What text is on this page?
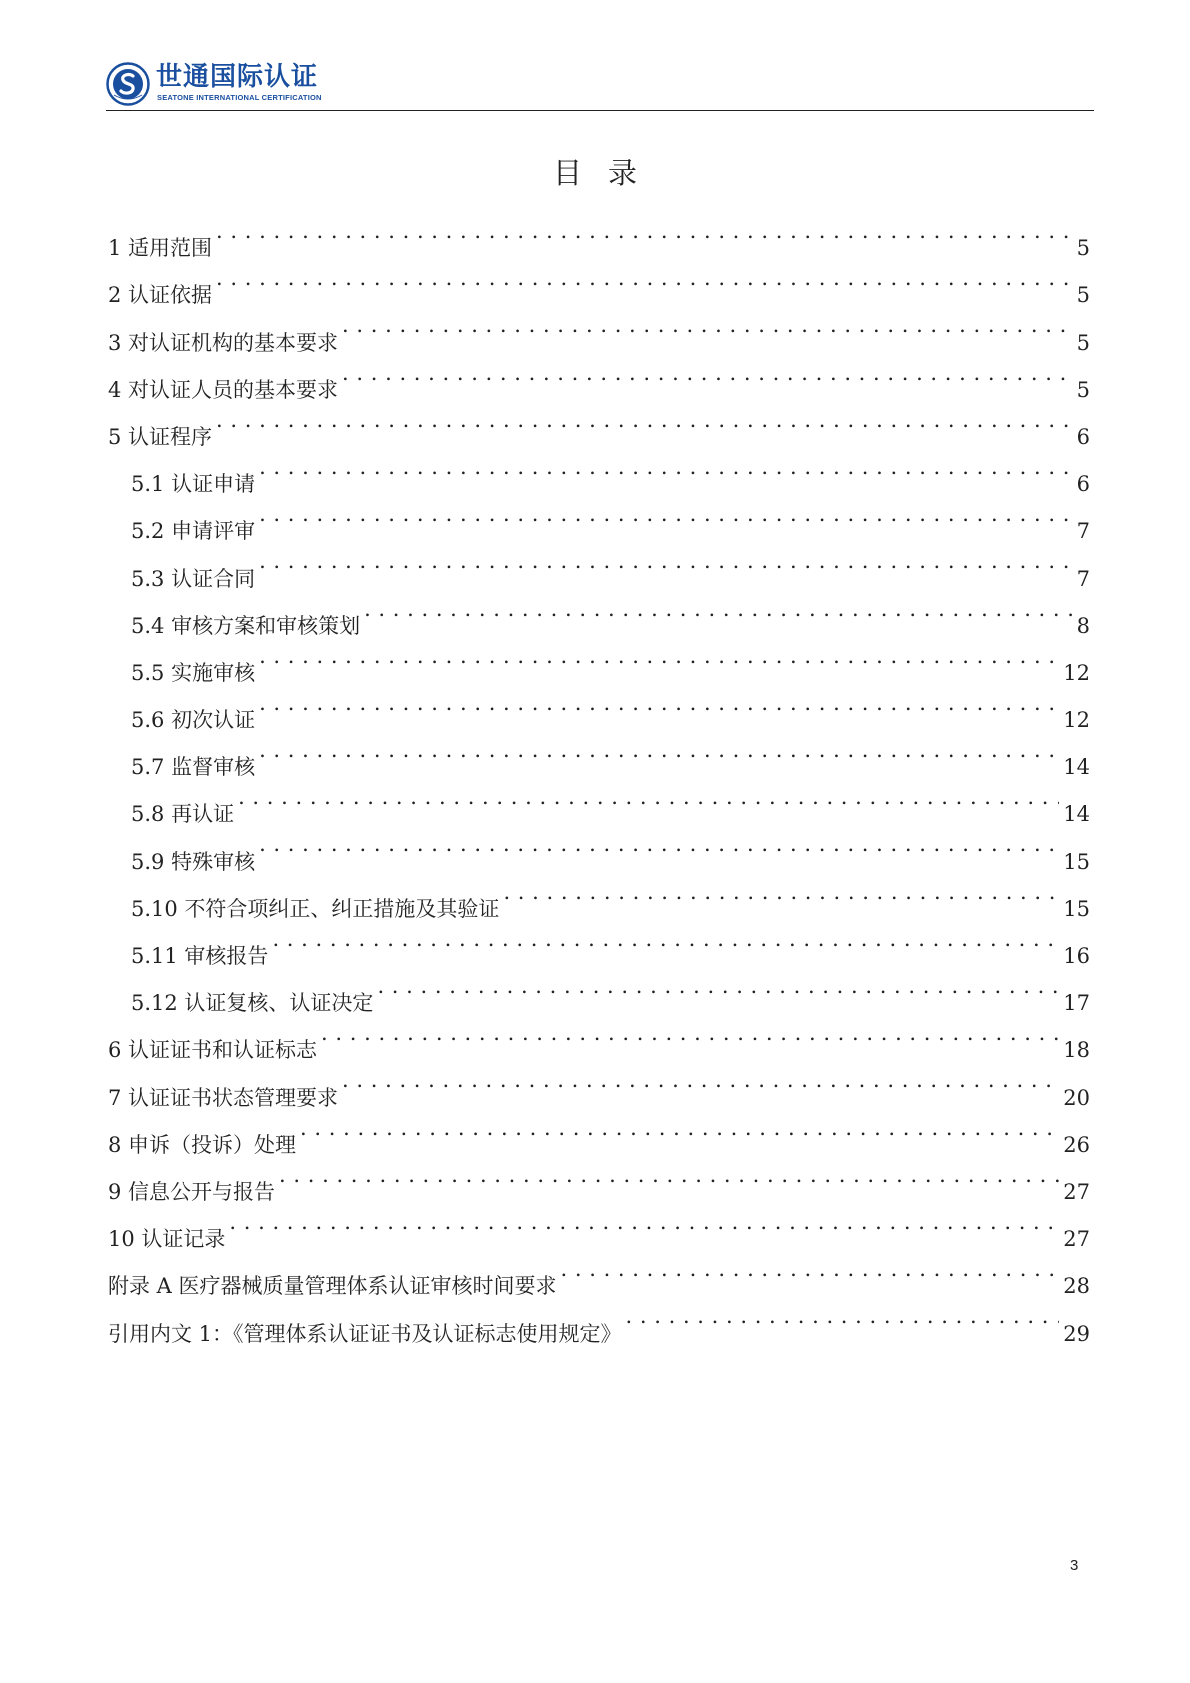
世通国际认证
SEATONE INTERNATIONAL CERTIFICATION
目录
1 适用范围 . . .	5
2 认证依据 . . .	5
3 对认证机构的基本要求 . . .	5
4 对认证人员的基本要求 . . .	5
5 认证程序 . . .	6
5.1 认证申请 . . .	6
5.2 申请评审 . . .	7
5.3 认证合同 . . .	7
5.4 审核方案和审核策划 . . .	8
5.5 实施审核 . . .	12
5.6 初次认证 . . .	12
5.7 监督审核 . . .	14
5.8 再认证 . . .	14
5.9 特殊审核 . . .	15
5.10 不符合项纠正、纠正措施及其验证 . . .	15
5.11 审核报告 . . .	16
5.12 认证复核、认证决定 . . .	17
6 认证证书和认证标志 . . .	18
7 认证证书状态管理要求 . . .	20
8 申诉（投诉）处理 . . .	26
9 信息公开与报告 . . .	27
10 认证记录 . . .	27
附录 A 医疗器械质量管理体系认证审核时间要求 . . .	28
引用内文 1：《管理体系认证证书及认证标志使用规定》 . . .	29
3
